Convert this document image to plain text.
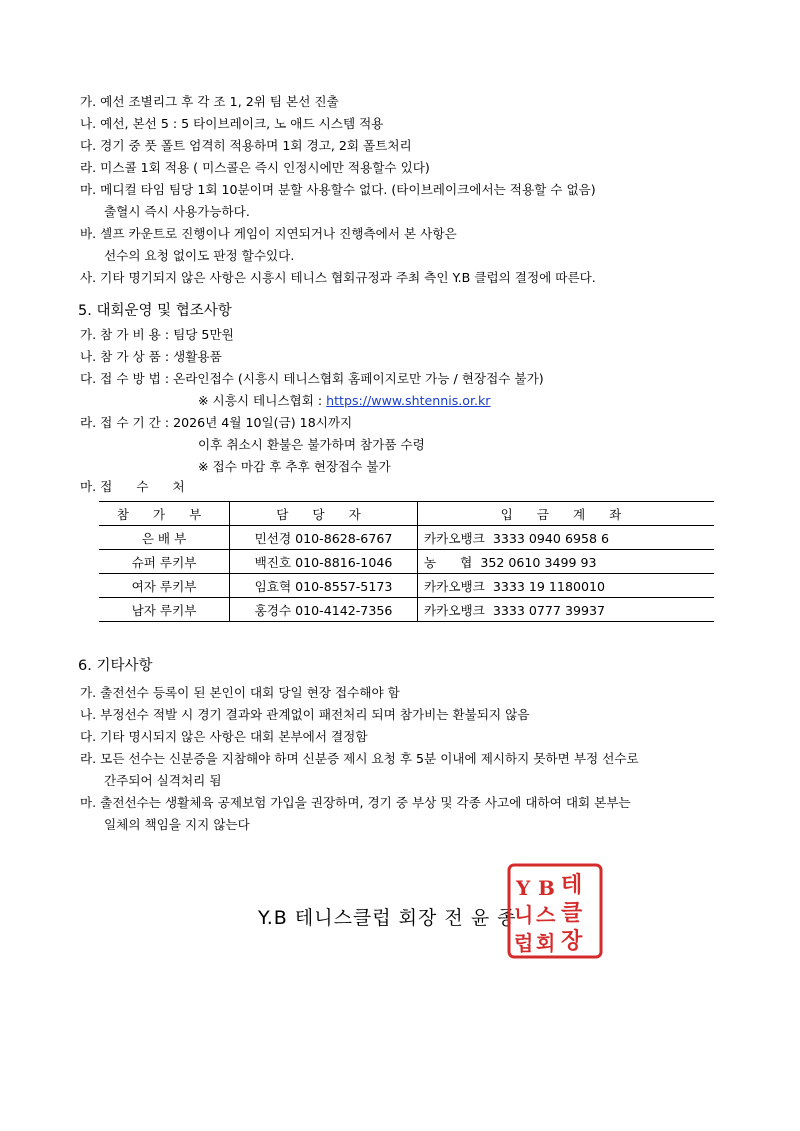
가. 예선 조별리그 후 각 조 1, 2위 팀 본선 진출
나. 예선, 본선 5 : 5 타이브레이크, 노 애드 시스템 적용
다. 경기 중 풋 폴트 엄격히 적용하며 1회 경고, 2회 폴트처리
라. 미스콜 1회 적용 ( 미스콜은 즉시 인정시에만 적용할수 있다)
마. 메디컬 타임 팀당 1회 10분이며 분할 사용할수 없다. (타이브레이크에서는 적용할 수 없음)
출혈시 즉시 사용가능하다.
바. 셀프 카운트로 진행이나 게임이 지연되거나 진행측에서 본 사항은
선수의 요청 없이도 판정 할수있다.
사. 기타 명기되지 않은 사항은 시흥시 테니스 협회규정과 주최 측인 Y.B 클럽의 결정에 따른다.
5. 대회운영 및 협조사항
가. 참 가 비 용 : 팀당 5만원
나. 참 가 상 품 : 생활용품
다. 접 수 방 법 : 온라인접수 (시흥시 테니스협회 홈페이지로만 가능 / 현장접수 불가)
※ 시흥시 테니스협회 : https://www.shtennis.or.kr
라. 접 수 기 간 : 2026년 4월 10일(금) 18시까지
이후 취소시 환불은 불가하며 참가품 수령
※ 접수 마감 후 추후 현장접수 불가
마. 접      수      처
참 가 부	담 당 자	입 금 계 좌
은 배 부	민선경 010-8628-6767	카카오뱅크  3333 0940 6958 6
슈퍼 루키부	백진호 010-8816-1046	농      협  352 0610 3499 93
여자 루키부	임효혁 010-8557-5173	카카오뱅크  3333 19 1180010
남자 루키부	홍경수 010-4142-7356	카카오뱅크  3333 0777 39937
6. 기타사항
가. 출전선수 등록이 된 본인이 대회 당일 현장 접수해야 함
나. 부정선수 적발 시 경기 결과와 관계없이 패전처리 되며 참가비는 환불되지 않음
다. 기타 명시되지 않은 사항은 대회 본부에서 결정함
라. 모든 선수는 신분증을 지참해야 하며 신분증 제시 요청 후 5분 이내에 제시하지 못하면 부정 선수로
간주되어 실격처리 됨
마. 출전선수는 생활체육 공제보험 가입을 권장하며, 경기 중 부상 및 각종 사고에 대하여 대회 본부는
일체의 책임을 지지 않는다
Y.B 테니스클럽 회장 전 윤 종
Y B 테
니 스 클
럽 회 장
